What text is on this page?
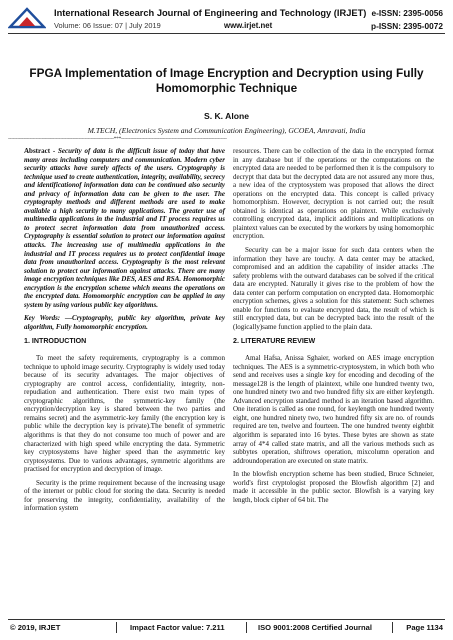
International Research Journal of Engineering and Technology (IRJET) e-ISSN: 2395-0056
Volume: 06 Issue: 07 | July 2019	www.irjet.net	p-ISSN: 2395-0072
FPGA Implementation of Image Encryption and Decryption using Fully
Homomorphic Technique
S. K. Alone
M.TECH, (Electronics System and Communication Engineering), GCOEA, Amravati, India
---------------------------------------------------------------------***---------------------------------------------------------------------

Abstract - Security of data is the difficult issue of today that have many areas including computers and communication. Modern cyber security attacks have surely affects of the users. Cryptography is technique used to create authentication, integrity, availability, secrecy and identificationof information data can be continued also security and privacy of information data can be given to the user. The cryptography methods and different methods are used to make available a high security to many applications. The greater use of multimedia applications in the industrial and IT process requires us to protect secret information data from unauthorized access. Cryptography is essential solution to protect our information against attacks. The increasing use of multimedia applications in the industrial and IT process requires us to protect confidential image data from unauthorized access. Cryptography is the most relevant solution to protect our information against attacks. There are many image encryption techniques like DES, AES and RSA. Homomorphic encryption is the encryption scheme which means the operations on the encrypted data. Homomorphic encryption can be applied in any system by using various public key algorithms.

Key Words: —Cryptography, public key algorithm, private key algorithm, Fully homomorphic encryption.

1. INTRODUCTION

To meet the safety requirements, cryptography is a common technique to uphold image security. Cryptography is widely used today because of its security advantages. The major objectives of cryptography are control access, confidentiality, integrity, non-repudiation and authentication. There exist two main types of cryptographic algorithms, the symmetric-key family (the encryption/decryption key is shared between the two parties and remains secret) and the asymmetric-key family (the encryption key is public while the decryption key is private).The benefit of symmetric algorithms is that they do not consume too much of power and are characterized with high speed while encrypting the data. Symmetric key cryptosystems have higher speed than the asymmetric key cryptosystems. Due to various advantages, symmetric algorithms are practised for encryption and decryption of image.

Security is the prime requirement because of the increasing usage of the internet or public cloud for storing the data. Security is needed for preserving the integrity, confidentiality, availability of the information system

resources. There can be collection of the data in the encrypted format in any database but if the operations or the computations on the encrypted data are needed to be performed then it is the compulsory to decrypt that data but the decrypted data are not assured any more thus, a new idea of the cryptosystem was proposed that allows the direct operations on the encrypted data. This concept is called privacy homomorphism. However, decryption is not carried out; the result obtained is identical as operations on plaintext. While exclusively controlling encrypted data, implicit additions and multiplications on plaintext values can be executed by the workers by using homomorphic encryption.

Security can be a major issue for such data centers when the information they have are touchy. A data center may be attacked, compromised and an addition the capability of insider attacks .The safety problems with the outward databases can be solved if the critical data are encrypted. Naturally it gives rise to the problem of how the data center can perform computation on encrypted data. Homomorphic encryption schemes, gives a solution for this statement: Such schemes enable for functions to evaluate encrypted data, the result of which is still encrypted data, but can be decrypted back into the result of the (logically)same function applied to the plain data.

2. LITERATURE REVIEW

Amal Hafsa, Anissa Sghaier, worked on AES image encryption techniques. The AES is a symmetric-cryptosystem, in which both who send and receives uses a single key for encoding and decoding of the message128 is the length of plaintext, while one hundred twenty two, one hundred ninety two and two hundred fifty six are either keylength. Advanced encryption standard method is an iteration based algorithm. One iteration is called as one round, for keylength one hundred twenty eight, one hundred ninety two, two hundred fifty six are no. of rounds required are ten, twelve and fourteen. The one hundred twenty eightbit algorithm is separated into 16 bytes. These bytes are shown as state array of 4*4 called state matrix, and all the various methods such as subbytes operation, shiftrows operation, mixcolumn operation and addroundoperation are executed on state matrix.

In the blowfish encryption scheme has been studied, Bruce Schneier, world's first cryptologist proposed the Blowfish algorithm [2] and made it accessible in the public sector. Blowfish is a varying key length, block cipher of 64 bit. The

© 2019, IRJET	Impact Factor value: 7.211	ISO 9001:2008 Certified Journal	Page 1134
